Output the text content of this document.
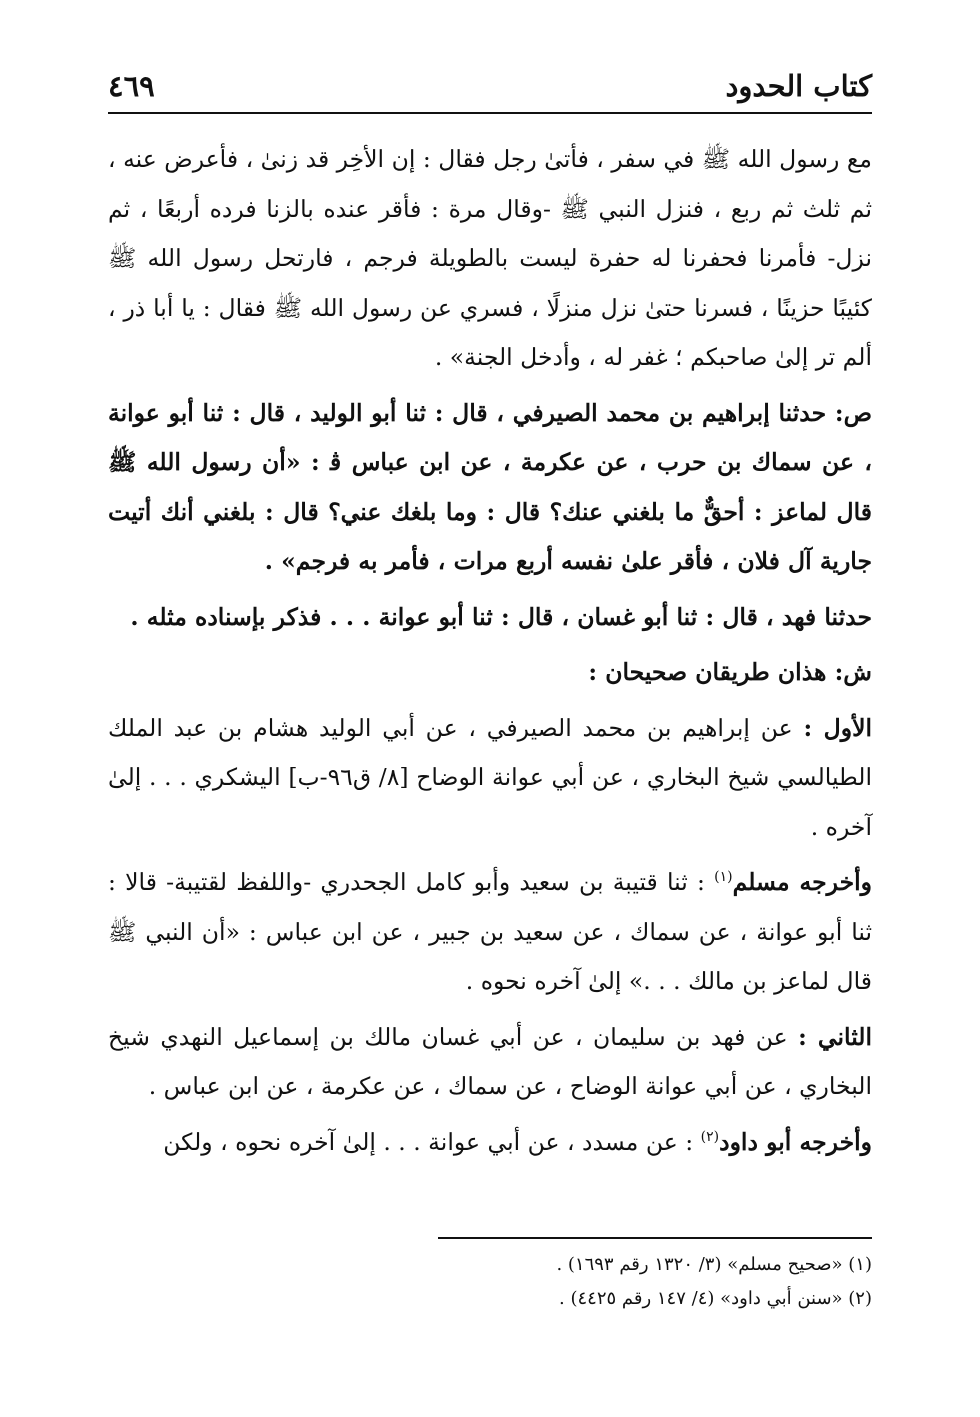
كتاب الحدود
٤٦٩

مع رسول الله ﷺ في سفر ، فأتىٰ رجل فقال : إن الأخِر قد زنىٰ ، فأعرض عنه ، ثم ثلث ثم ربع ، فنزل النبي ﷺ -وقال مرة : فأقر عنده بالزنا فرده أربعًا ، ثم نزل- فأمرنا فحفرنا له حفرة ليست بالطويلة فرجم ، فارتحل رسول الله ﷺ كئيبًا حزينًا ، فسرنا حتىٰ نزل منزلًا ، فسري عن رسول الله ﷺ فقال : يا أبا ذر ، ألم تر إلىٰ صاحبكم ؛ غفر له ، وأدخل الجنة» .

ص: حدثنا إبراهيم بن محمد الصيرفي ، قال : ثنا أبو الوليد ، قال : ثنا أبو عوانة ، عن سماك بن حرب ، عن عكرمة ، عن ابن عباس ﭬ : «أن رسول الله ﷺ قال لماعز : أحقٌّ ما بلغني عنك؟ قال : وما بلغك عني؟ قال : بلغني أنك أتيت جارية آل فلان ، فأقر علىٰ نفسه أربع مرات ، فأمر به فرجم» .

حدثنا فهد ، قال : ثنا أبو غسان ، قال : ثنا أبو عوانة . . . فذكر بإسناده مثله .

ش: هذان طريقان صحيحان :

الأول : عن إبراهيم بن محمد الصيرفي ، عن أبي الوليد هشام بن عبد الملك الطيالسي شيخ البخاري ، عن أبي عوانة الوضاح [٨/ ق٩٦-ب] اليشكري . . . إلىٰ آخره .

وأخرجه مسلم$^{(١)}$ : ثنا قتيبة بن سعيد وأبو كامل الجحدري -واللفظ لقتيبة- قالا : ثنا أبو عوانة ، عن سماك ، عن سعيد بن جبير ، عن ابن عباس : «أن النبي ﷺ قال لماعز بن مالك . . .» إلىٰ آخره نحوه .

الثاني : عن فهد بن سليمان ، عن أبي غسان مالك بن إسماعيل النهدي شيخ البخاري ، عن أبي عوانة الوضاح ، عن سماك ، عن عكرمة ، عن ابن عباس .

وأخرجه أبو داود$^{(٢)}$ : عن مسدد ، عن أبي عوانة . . . إلىٰ آخره نحوه ، ولكن

(١) «صحيح مسلم» (٣/ ١٣٢٠ رقم ١٦٩٣) .

(٢) «سنن أبي داود» (٤/ ١٤٧ رقم ٤٤٢٥) .
